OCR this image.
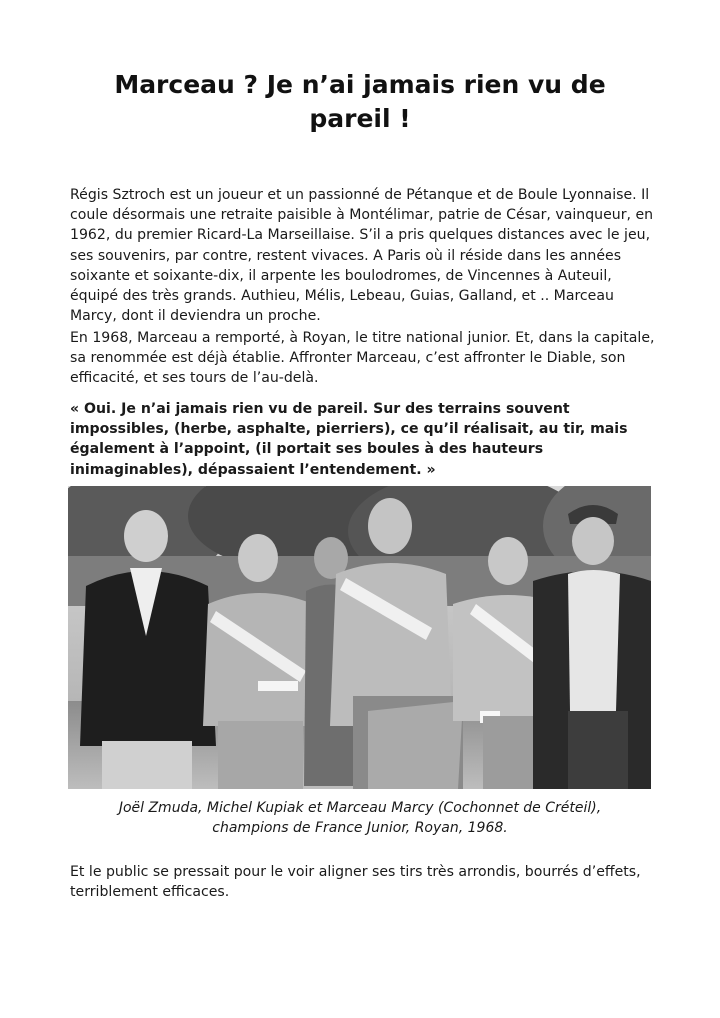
Marceau ? Je n’ai jamais rien vu de
pareil !
Régis Sztroch est un joueur et un passionné de Pétanque et de Boule Lyonnaise. Il coule désormais une retraite paisible à Montélimar, patrie de César, vainqueur, en 1962, du premier Ricard-La Marseillaise. S’il a pris quelques distances avec le jeu, ses souvenirs, par contre, restent vivaces. A Paris où il réside dans les années soixante et soixante-dix, il arpente les boulodromes, de Vincennes à Auteuil, équipé des très grands. Authieu, Mélis, Lebeau, Guias, Galland, et .. Marceau Marcy, dont il deviendra un proche.
En 1968, Marceau a remporté, à Royan, le titre national junior. Et, dans la capitale, sa renommée est déjà établie. Affronter Marceau, c’est affronter le Diable, son efficacité, et ses tours de l’au-delà.
« Oui. Je n’ai jamais rien vu de pareil. Sur des terrains souvent impossibles, (herbe, asphalte, pierriers), ce qu’il réalisait, au tir, mais également à l’appoint, (il portait ses boules à des hauteurs inimaginables), dépassaient l’entendement. »
Joël Zmuda, Michel Kupiak et Marceau Marcy (Cochonnet de Créteil),
champions de France Junior, Royan, 1968.
Et le public se pressait pour le voir aligner ses tirs très arrondis, bourrés d’effets, terriblement efficaces.
